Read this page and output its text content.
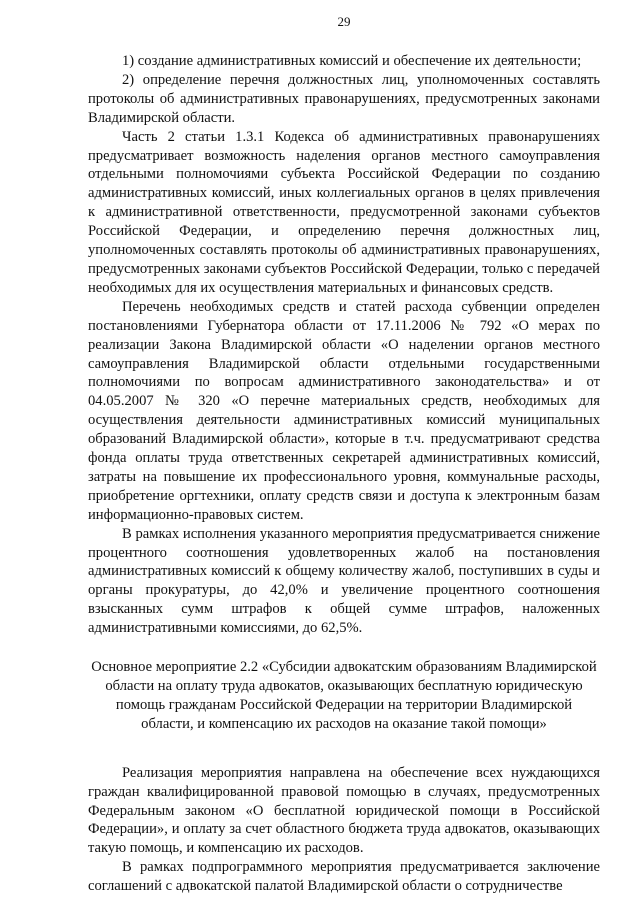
29

1) создание административных комиссий и обеспечение их деятельности;

2) определение перечня должностных лиц, уполномоченных составлять протоколы об административных правонарушениях, предусмотренных законами Владимирской области.

Часть 2 статьи 1.3.1 Кодекса об административных правонарушениях предусматривает возможность наделения органов местного самоуправления отдельными полномочиями субъекта Российской Федерации по созданию административных комиссий, иных коллегиальных органов в целях привлечения к административной ответственности, предусмотренной законами субъектов Российской Федерации, и определению перечня должностных лиц, уполномоченных составлять протоколы об административных правонарушениях, предусмотренных законами субъектов Российской Федерации, только с передачей необходимых для их осуществления материальных и финансовых средств.

Перечень необходимых средств и статей расхода субвенции определен постановлениями Губернатора области от 17.11.2006 № 792 «О мерах по реализации Закона Владимирской области «О наделении органов местного самоуправления Владимирской области отдельными государственными полномочиями по вопросам административного законодательства» и от 04.05.2007 № 320 «О перечне материальных средств, необходимых для осуществления деятельности административных комиссий муниципальных образований Владимирской области», которые в т.ч. предусматривают средства фонда оплаты труда ответственных секретарей административных комиссий, затраты на повышение их профессионального уровня, коммунальные расходы, приобретение оргтехники, оплату средств связи и доступа к электронным базам информационно-правовых систем.

В рамках исполнения указанного мероприятия предусматривается снижение процентного соотношения удовлетворенных жалоб на постановления административных комиссий к общему количеству жалоб, поступивших в суды и органы прокуратуры, до 42,0% и увеличение процентного соотношения взысканных сумм штрафов к общей сумме штрафов, наложенных административными комиссиями, до 62,5%.

Основное мероприятие 2.2 «Субсидии адвокатским образованиям Владимирской области на оплату труда адвокатов, оказывающих бесплатную юридическую помощь гражданам Российской Федерации на территории Владимирской области, и компенсацию их расходов на оказание такой помощи»

Реализация мероприятия направлена на обеспечение всех нуждающихся граждан квалифицированной правовой помощью в случаях, предусмотренных Федеральным законом «О бесплатной юридической помощи в Российской Федерации», и оплату за счет областного бюджета труда адвокатов, оказывающих такую помощь, и компенсацию их расходов.

В рамках подпрограммного мероприятия предусматривается заключение соглашений с адвокатской палатой Владимирской области о сотрудничестве
